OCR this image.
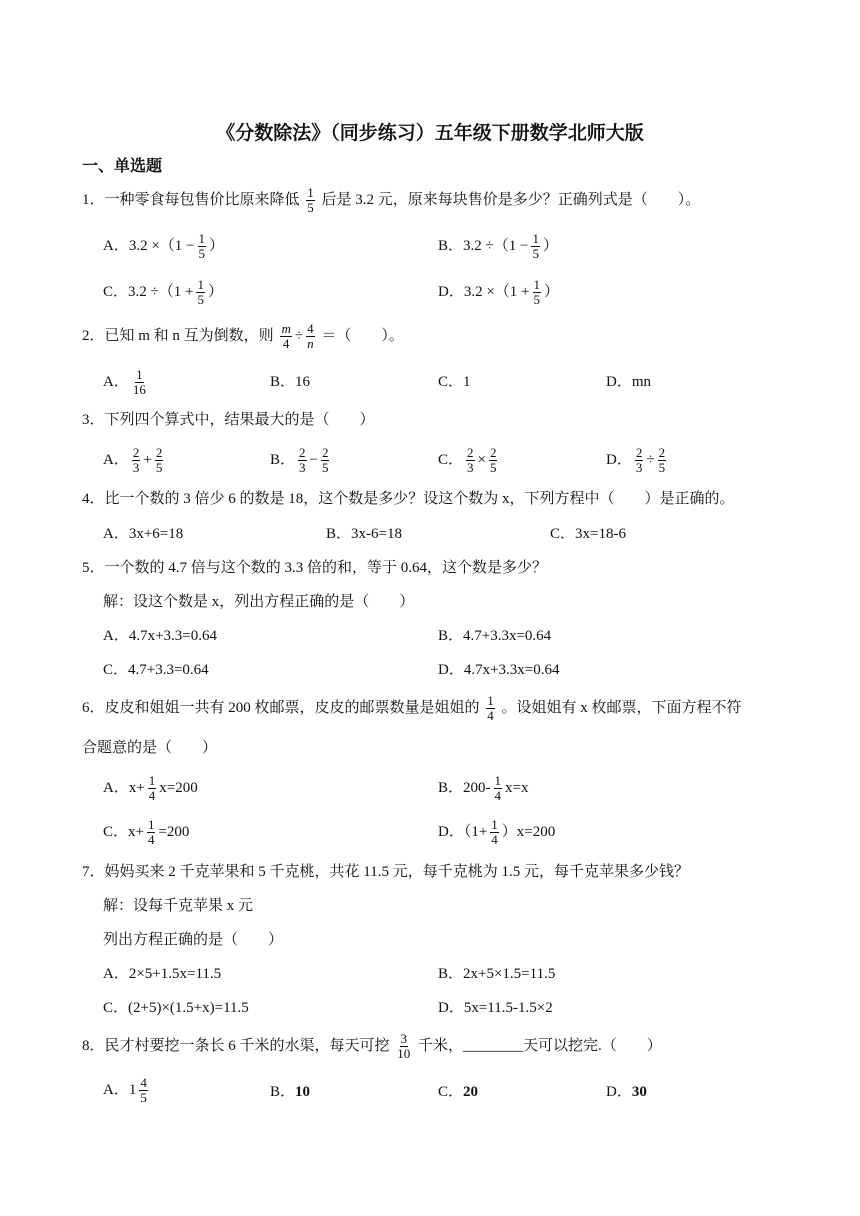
《分数除法》（同步练习）五年级下册数学北师大版
一、单选题
1．一种零食每包售价比原来降低 $\frac{1}{5}$ 后是 3.2 元，原来每块售价是多少？正确列式是（　　）。
A．$3.2 \times(1 - \frac{1}{5}$ ）	B．$3.2 \div(1 - \frac{1}{5}$ ）
C．$3.2 \div(1 + \frac{1}{5}$ ）	D．$3.2 \times(1 + \frac{1}{5}$ ）
2．已知 m 和 n 互为倒数，则 $\frac{m}{4} \div \frac{4}{n}$ ＝（　　）。
A． $\frac{1}{16}$	B．16	C．1	D．mn
3．下列四个算式中，结果最大的是（　　）
A． $\frac{2}{3} + \frac{2}{5}$	B． $\frac{2}{3} - \frac{2}{5}$	C． $\frac{2}{3} \times \frac{2}{5}$	D． $\frac{2}{3} \div \frac{2}{5}$
4．比一个数的 3 倍少 6 的数是 18，这个数是多少？设这个数为 x，下列方程中（　　）是正确的。
A．3x+6=18	B．3x-6=18	C．3x=18-6
5．一个数的 4.7 倍与这个数的 3.3 倍的和，等于 0.64，这个数是多少？
解：设这个数是 x，列出方程正确的是（　　）
A．4.7x+3.3=0.64	B．4.7+3.3x=0.64
C．4.7+3.3=0.64	D．4.7x+3.3x=0.64
6．皮皮和姐姐一共有 200 枚邮票，皮皮的邮票数量是姐姐的 $\frac{1}{4}$ 。设姐姐有 x 枚邮票，下面方程不符
合题意的是（　　）
A．$x+ \frac{1}{4} x=200$	B．$200- \frac{1}{4} x=x$
C．$x+ \frac{1}{4} =200$	D．$(1+ \frac{1}{4} )x=200$
7．妈妈买来 2 千克苹果和 5 千克桃，共花 11.5 元，每千克桃为 1.5 元，每千克苹果多少钱？
解：设每千克苹果 x 元
列出方程正确的是（　　）
A．2×5+1.5x=11.5	B．2x+5×1.5=11.5
C．(2+5)×(1.5+x)=11.5	D．5x=11.5-1.5×2
8．民才村要挖一条长 6 千米的水渠，每天可挖 $\frac{3}{10}$ 千米，________天可以挖完.（　　）
A．$1 \frac{4}{5}$	B．10	C．20	D．30
